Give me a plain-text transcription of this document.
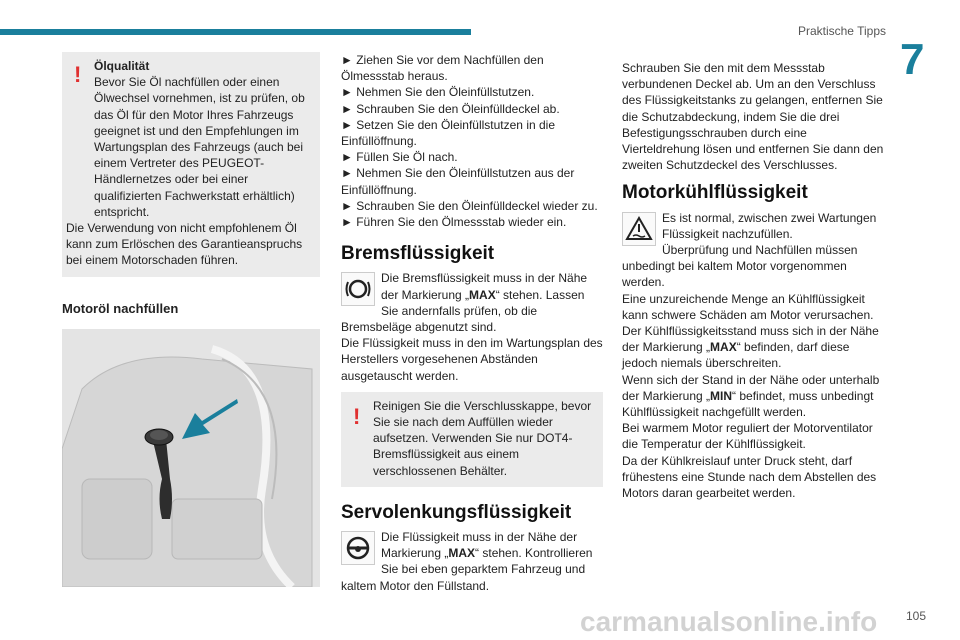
Praktische Tipps
7
!	Ölqualität

Bevor Sie Öl nachfüllen oder einen Ölwechsel vornehmen, ist zu prüfen, ob das Öl für den Motor Ihres Fahrzeugs geeignet ist und den Empfehlungen im Wartungsplan des Fahrzeugs (auch bei einem Vertreter des PEUGEOT-Händlernetzes oder bei einer qualifizierten Fachwerkstatt erhältlich) entspricht.

Die Verwendung von nicht empfohlenem Öl kann zum Erlöschen des Garantieanspruchs bei einem Motorschaden führen.

Motoröl nachfüllen

► Ziehen Sie vor dem Nachfüllen den Ölmessstab heraus.

► Nehmen Sie den Öleinfüllstutzen.

► Schrauben Sie den Öleinfülldeckel ab.

► Setzen Sie den Öleinfüllstutzen in die Einfüllöffnung.

► Füllen Sie Öl nach.

► Nehmen Sie den Öleinfüllstutzen aus der Einfüllöffnung.

► Schrauben Sie den Öleinfülldeckel wieder zu.

► Führen Sie den Ölmessstab wieder ein.

Bremsflüssigkeit

Die Bremsflüssigkeit muss in der Nähe der Markierung „MAX“ stehen. Lassen Sie andernfalls prüfen, ob die Bremsbeläge abgenutzt sind.

Die Flüssigkeit muss in den im Wartungsplan des Herstellers vorgesehenen Abständen ausgetauscht werden.

!	Reinigen Sie die Verschlusskappe, bevor Sie sie nach dem Auffüllen wieder aufsetzen. Verwenden Sie nur DOT4-Bremsflüssigkeit aus einem verschlossenen Behälter.

Servolenkungsflüssigkeit

Die Flüssigkeit muss in der Nähe der Markierung „MAX“ stehen. Kontrollieren Sie bei eben geparktem Fahrzeug und kaltem Motor den Füllstand.

Schrauben Sie den mit dem Messstab verbundenen Deckel ab. Um an den Verschluss des Flüssigkeitstanks zu gelangen, entfernen Sie die Schutzabdeckung, indem Sie die drei Befestigungsschrauben durch eine Vierteldrehung lösen und entfernen Sie dann den zweiten Schutzdeckel des Verschlusses.

Motorkühlflüssigkeit

Es ist normal, zwischen zwei Wartungen Flüssigkeit nachzufüllen.

Überprüfung und Nachfüllen müssen unbedingt bei kaltem Motor vorgenommen werden.

Eine unzureichende Menge an Kühlflüssigkeit kann schwere Schäden am Motor verursachen.

Der Kühlflüssigkeitsstand muss sich in der Nähe der Markierung „MAX“ befinden, darf diese jedoch niemals überschreiten.

Wenn sich der Stand in der Nähe oder unterhalb der Markierung „MIN“ befindet, muss unbedingt Kühlflüssigkeit nachgefüllt werden.

Bei warmem Motor reguliert der Motorventilator die Temperatur der Kühlflüssigkeit.

Da der Kühlkreislauf unter Druck steht, darf frühestens eine Stunde nach dem Abstellen des Motors daran gearbeitet werden.

carmanualsonline.info 105
